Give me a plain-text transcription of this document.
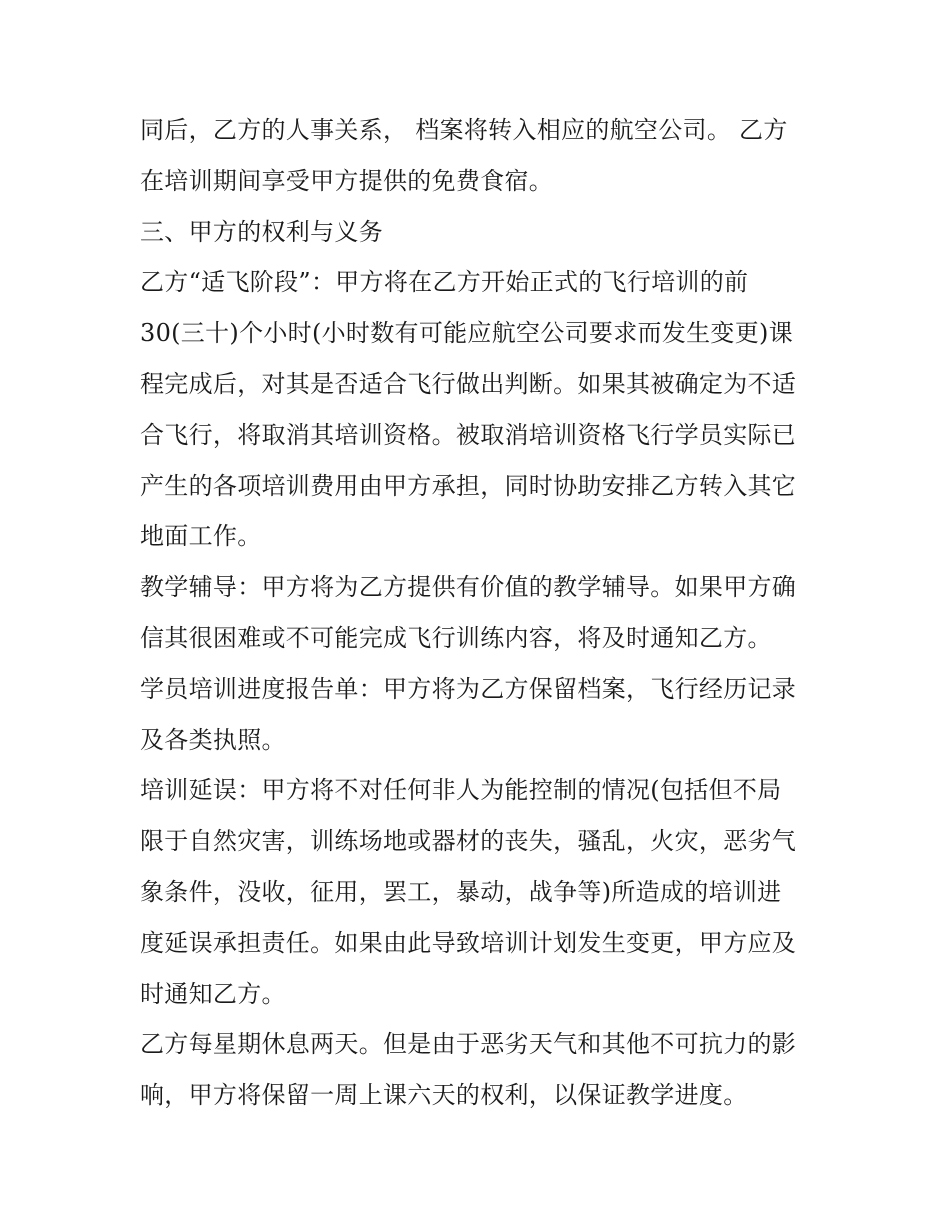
同后，乙方的人事关系， 档案将转入相应的航空公司。 乙方
在培训期间享受甲方提供的免费食宿。
三、甲方的权利与义务
乙方“适飞阶段”：甲方将在乙方开始正式的飞行培训的前
30(三十)个小时(小时数有可能应航空公司要求而发生变更)课
程完成后，对其是否适合飞行做出判断。如果其被确定为不适
合飞行，将取消其培训资格。被取消培训资格飞行学员实际已
产生的各项培训费用由甲方承担，同时协助安排乙方转入其它
地面工作。
教学辅导：甲方将为乙方提供有价值的教学辅导。如果甲方确
信其很困难或不可能完成飞行训练内容，将及时通知乙方。
学员培训进度报告单：甲方将为乙方保留档案，飞行经历记录
及各类执照。
培训延误：甲方将不对任何非人为能控制的情况(包括但不局
限于自然灾害，训练场地或器材的丧失，骚乱，火灾，恶劣气
象条件，没收，征用，罢工，暴动，战争等)所造成的培训进
度延误承担责任。如果由此导致培训计划发生变更，甲方应及
时通知乙方。
乙方每星期休息两天。但是由于恶劣天气和其他不可抗力的影
响，甲方将保留一周上课六天的权利，以保证教学进度。
